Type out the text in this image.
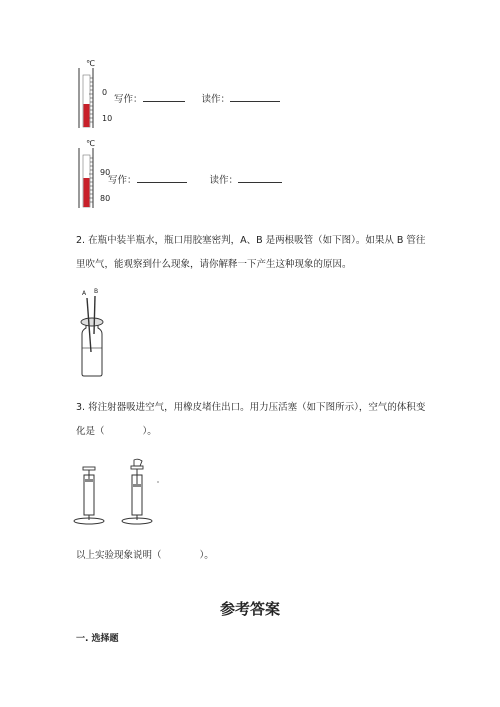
℃
0
10
写作：	读作：
℃
90
80
写作：	读作：
2. 在瓶中装半瓶水，瓶口用胶塞密判，A、B 是两根吸管（如下图）。如果从 B 管往里吹气，能观察到什么现象，请你解释一下产生这种现象的原因。
A B
3. 将注射器吸进空气，用橡皮堵住出口。用力压活塞（如下图所示），空气的体积变化是（　　　　）。
以上实验现象说明（　　　　）。
参考答案
一. 选择题
